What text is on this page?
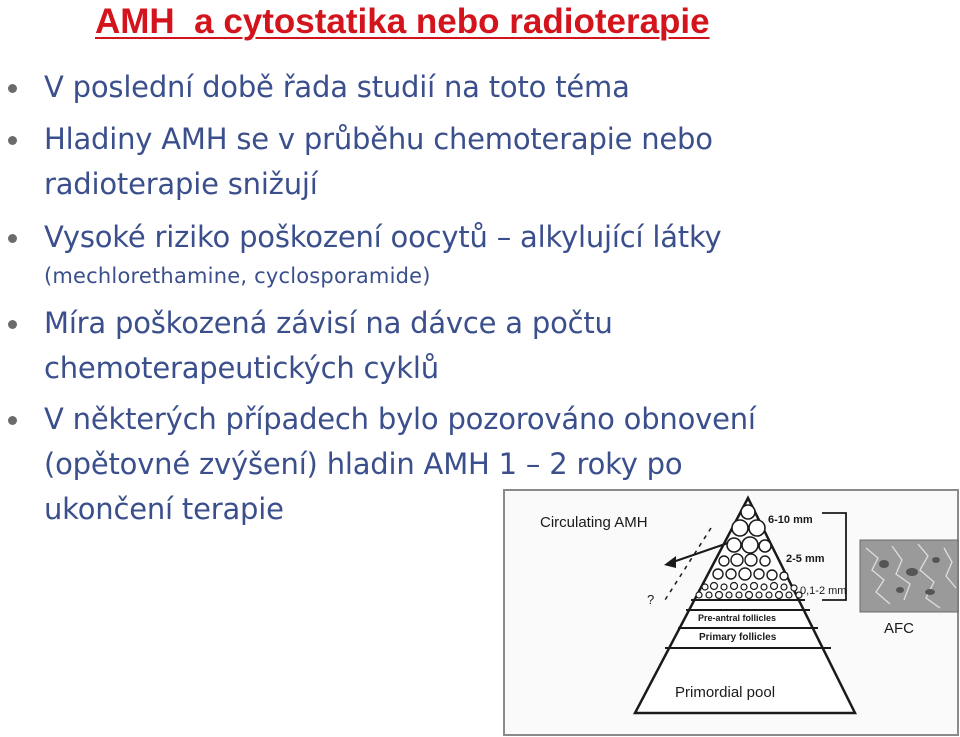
AMH  a cytostatika nebo radioterapie
V poslední době řada studií na toto téma
Hladiny AMH se v průběhu chemoterapie nebo
radioterapie snižují
Vysoké riziko poškození oocytů – alkylující látky
(mechlorethamine, cyclosporamide)
Míra poškozená závisí na dávce a počtu
chemoterapeutických cyklů
V některých případech bylo pozorováno obnovení
(opětovné zvýšení) hladin AMH 1 – 2 roky po
ukončení terapie	Circulating AMH	6-10 mm
2-5 mm
0,1-2 mm
?
Pre-antral follicles
Primary follicles
AFC
Primordial pool
